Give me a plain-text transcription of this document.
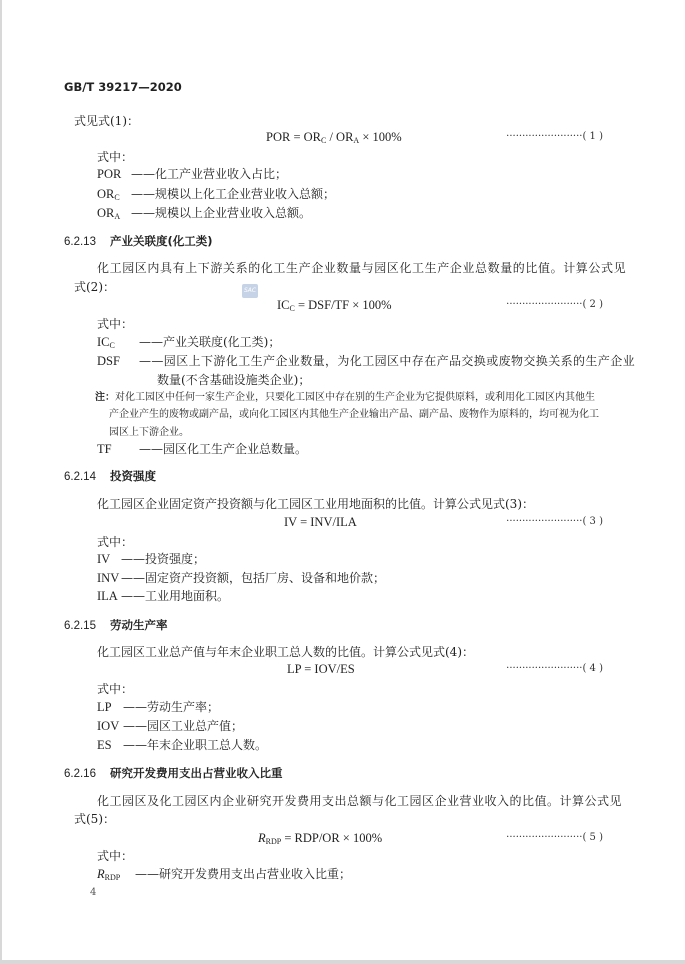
GB/T 39217—2020
式见式(1)：
POR = $OR_C / OR_A \times 100\%$	························( 1 )
式中：
POR ——化工产业营业收入占比；
$OR_C$ ——规模以上化工企业营业收入总额；
$OR_A$ ——规模以上企业营业收入总额。
6.2.13 产业关联度(化工类)
化工园区内具有上下游关系的化工生产企业数量与园区化工生产企业总数量的比值。计算公式见
式(2)：	SAC
$IC_C = DSF/TF \times 100\%$	························( 2 )
式中：
$IC_C$ ——产业关联度(化工类)；
DSF ——园区上下游化工生产企业数量，为化工园区中存在产品交换或废物交换关系的生产企业
数量(不含基础设施类企业)；
注：对化工园区中任何一家生产企业，只要化工园区中存在别的生产企业为它提供原料，或利用化工园区内其他生
产企业产生的废物或副产品，或向化工园区内其他生产企业输出产品、副产品、废物作为原料的，均可视为化工
园区上下游企业。
TF ——园区化工生产企业总数量。
6.2.14 投资强度
化工园区企业固定资产投资额与化工园区工业用地面积的比值。计算公式见式(3)：
IV = INV/ILA	························( 3 )
式中：
IV ——投资强度；
INV ——固定资产投资额，包括厂房、设备和地价款；
ILA ——工业用地面积。
6.2.15 劳动生产率
化工园区工业总产值与年末企业职工总人数的比值。计算公式见式(4)：
LP = IOV/ES	························( 4 )
式中：
LP ——劳动生产率；
IOV ——园区工业总产值；
ES ——年末企业职工总人数。
6.2.16 研究开发费用支出占营业收入比重
化工园区及化工园区内企业研究开发费用支出总额与化工园区企业营业收入的比值。计算公式见
式(5)：
$R_{RDP} = RDP/OR \times 100\%$	························( 5 )
式中：
$R_{RDP}$ ——研究开发费用支出占营业收入比重；
4
